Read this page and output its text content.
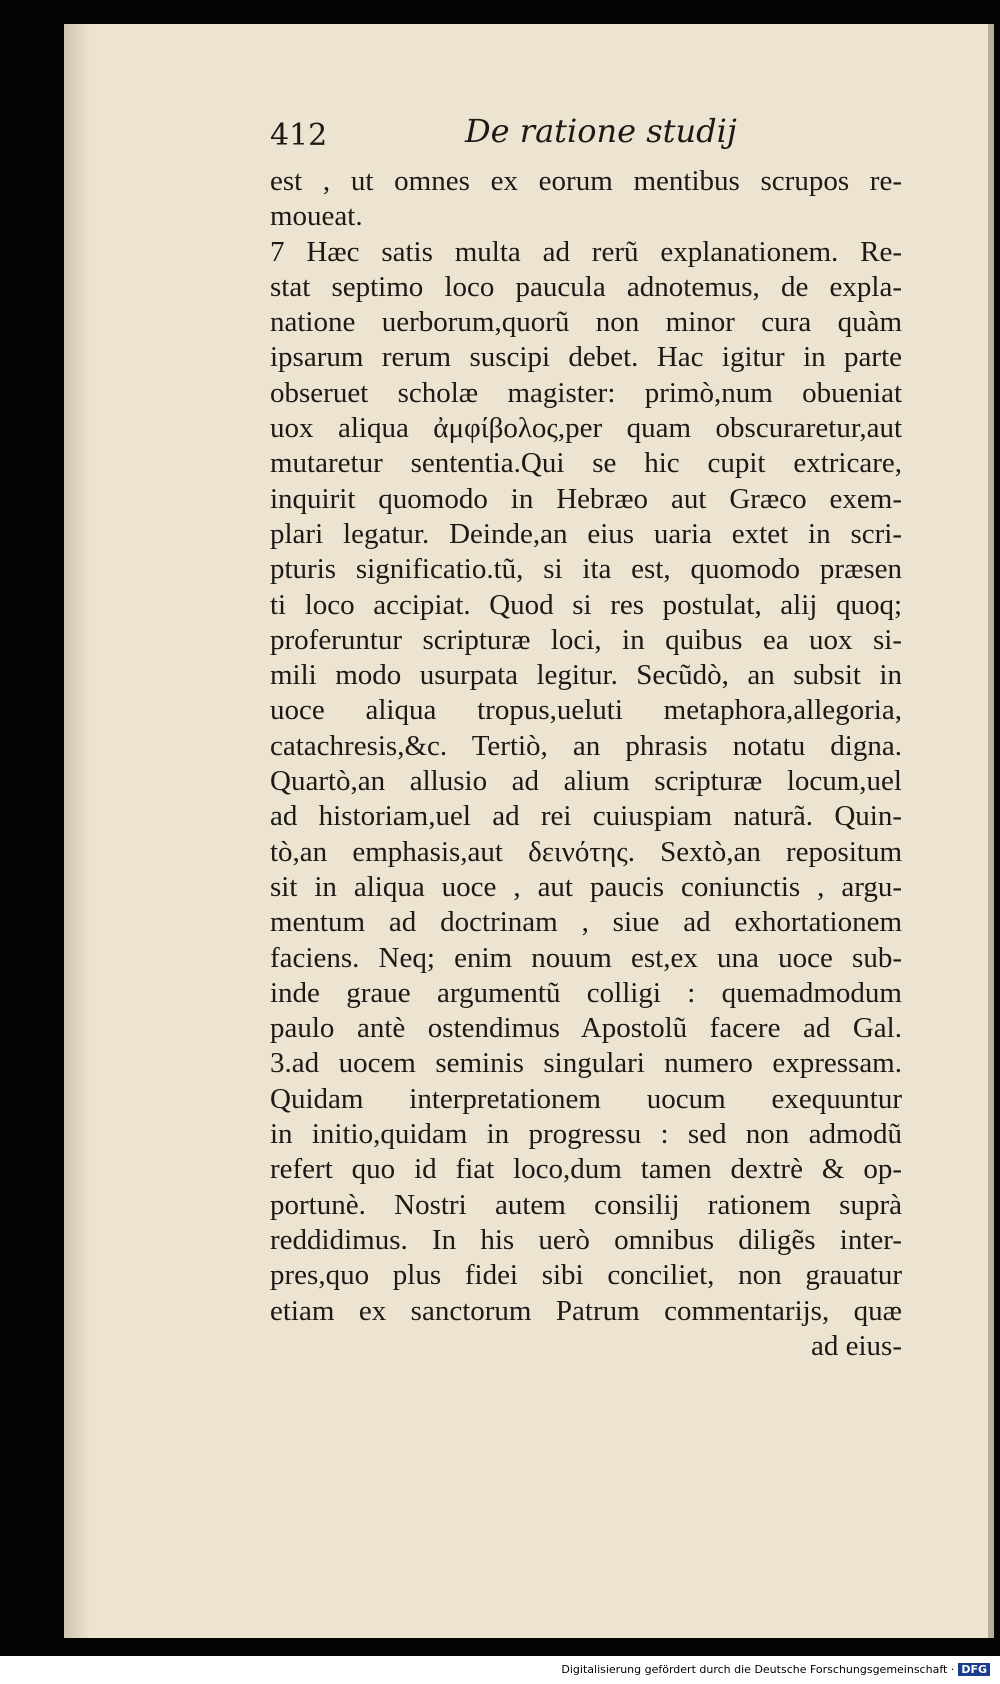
412	De ratione studij
est , ut omnes ex eorum mentibus scrupos re-
moueat.
7 Hæc satis multa ad rerũ explanationem. Re-
stat septimo loco paucula adnotemus, de expla-
natione uerborum,quorũ non minor cura quàm
ipsarum rerum suscipi debet. Hac igitur in parte
obseruet scholæ magister: primò,num obueniat
uox aliqua ἀμφίβολος,per quam obscuraretur,aut
mutaretur sententia.Qui se hic cupit extricare,
inquirit quomodo in Hebræo aut Græco exem-
plari legatur. Deinde,an eius uaria extet in scri-
pturis significatio.tũ, si ita est, quomodo præsen
ti loco accipiat. Quod si res postulat, alij quoq;
proferuntur scripturæ loci, in quibus ea uox si-
mili modo usurpata legitur. Secũdò, an subsit in
uoce aliqua tropus,ueluti metaphora,allegoria,
catachresis,&c. Tertiò, an phrasis notatu digna.
Quartò,an allusio ad alium scripturæ locum,uel
ad historiam,uel ad rei cuiuspiam naturã. Quin-
tò,an emphasis,aut δεινότης. Sextò,an repositum
sit in aliqua uoce , aut paucis coniunctis , argu-
mentum ad doctrinam , siue ad exhortationem
faciens. Neq; enim nouum est,ex una uoce sub-
inde graue argumentũ colligi : quemadmodum
paulo antè ostendimus Apostolũ facere ad Gal.
3.ad uocem seminis singulari numero expressam.
Quidam interpretationem uocum exequuntur
in initio,quidam in progressu : sed non admodũ
refert quo id fiat loco,dum tamen dextrè & op-
portunè. Nostri autem consilij rationem suprà
reddidimus. In his uerò omnibus diligẽs inter-
pres,quo plus fidei sibi conciliet, non grauatur
etiam ex sanctorum Patrum commentarijs, quæ
ad eius-
Digitalisierung gefördert durch die Deutsche Forschungsgemeinschaft · DFG
